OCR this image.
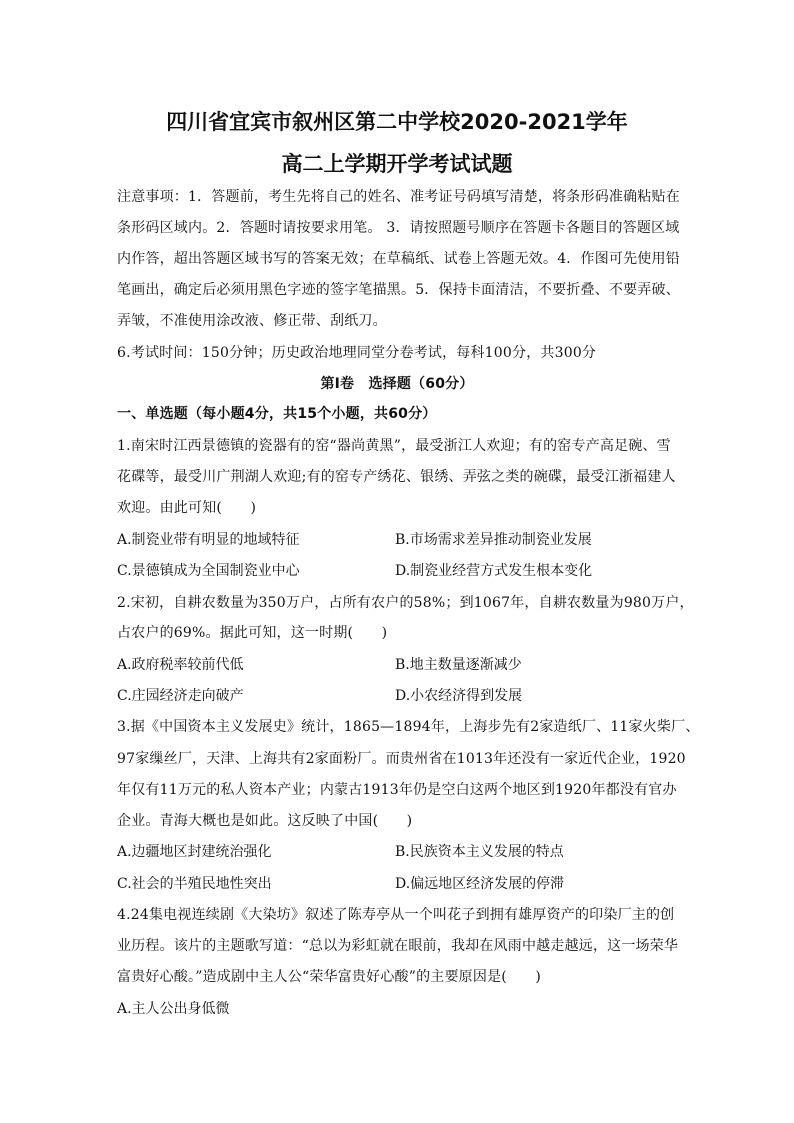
四川省宜宾市叙州区第二中学校2020-2021学年
高二上学期开学考试试题
注意事项：1．答题前，考生先将自己的姓名、准考证号码填写清楚，将条形码准确粘贴在
条形码区域内。2．答题时请按要求用笔。 3．请按照题号顺序在答题卡各题目的答题区域
内作答，超出答题区域书写的答案无效；在草稿纸、试卷上答题无效。4．作图可先使用铅
笔画出，确定后必须用黑色字迹的签字笔描黑。5．保持卡面清洁，不要折叠、不要弄破、
弄皱，不准使用涂改液、修正带、刮纸刀。
6.考试时间：150分钟；历史政治地理同堂分卷考试，每科100分，共300分
第Ⅰ卷　选择题（60分）
一、单选题（每小题4分，共15个小题，共60分）
1.南宋时江西景德镇的瓷器有的窑“器尚黄黑”，最受浙江人欢迎；有的窑专产高足碗、雪
花碟等，最受川广荆湖人欢迎;有的窑专产绣花、银绣、弄弦之类的碗碟，最受江浙福建人
欢迎。由此可知(　　)
A.制瓷业带有明显的地域特征	B.市场需求差异推动制瓷业发展
C.景德镇成为全国制瓷业中心	D.制瓷业经营方式发生根本变化
2.宋初，自耕农数量为350万户，占所有农户的58%；到1067年，自耕农数量为980万户，
占农户的69%。据此可知，这一时期(　　)
A.政府税率较前代低	B.地主数量逐渐减少
C.庄园经济走向破产	D.小农经济得到发展
3.据《中国资本主义发展史》统计，1865—1894年，上海步先有2家造纸厂、11家火柴厂、
97家缫丝厂，天津、上海共有2家面粉厂。而贵州省在1013年还没有一家近代企业，1920
年仅有11万元的私人资本产业；内蒙古1913年仍是空白这两个地区到1920年都没有官办
企业。青海大概也是如此。这反映了中国(　　)
A.边疆地区封建统治强化	B.民族资本主义发展的特点
C.社会的半殖民地性突出	D.偏远地区经济发展的停滞
4.24集电视连续剧《大染坊》叙述了陈寿亭从一个叫花子到拥有雄厚资产的印染厂主的创
业历程。该片的主题歌写道：“总以为彩虹就在眼前，我却在风雨中越走越远，这一场荣华
富贵好心酸。”造成剧中主人公“荣华富贵好心酸”的主要原因是(　　)
A.主人公出身低微
